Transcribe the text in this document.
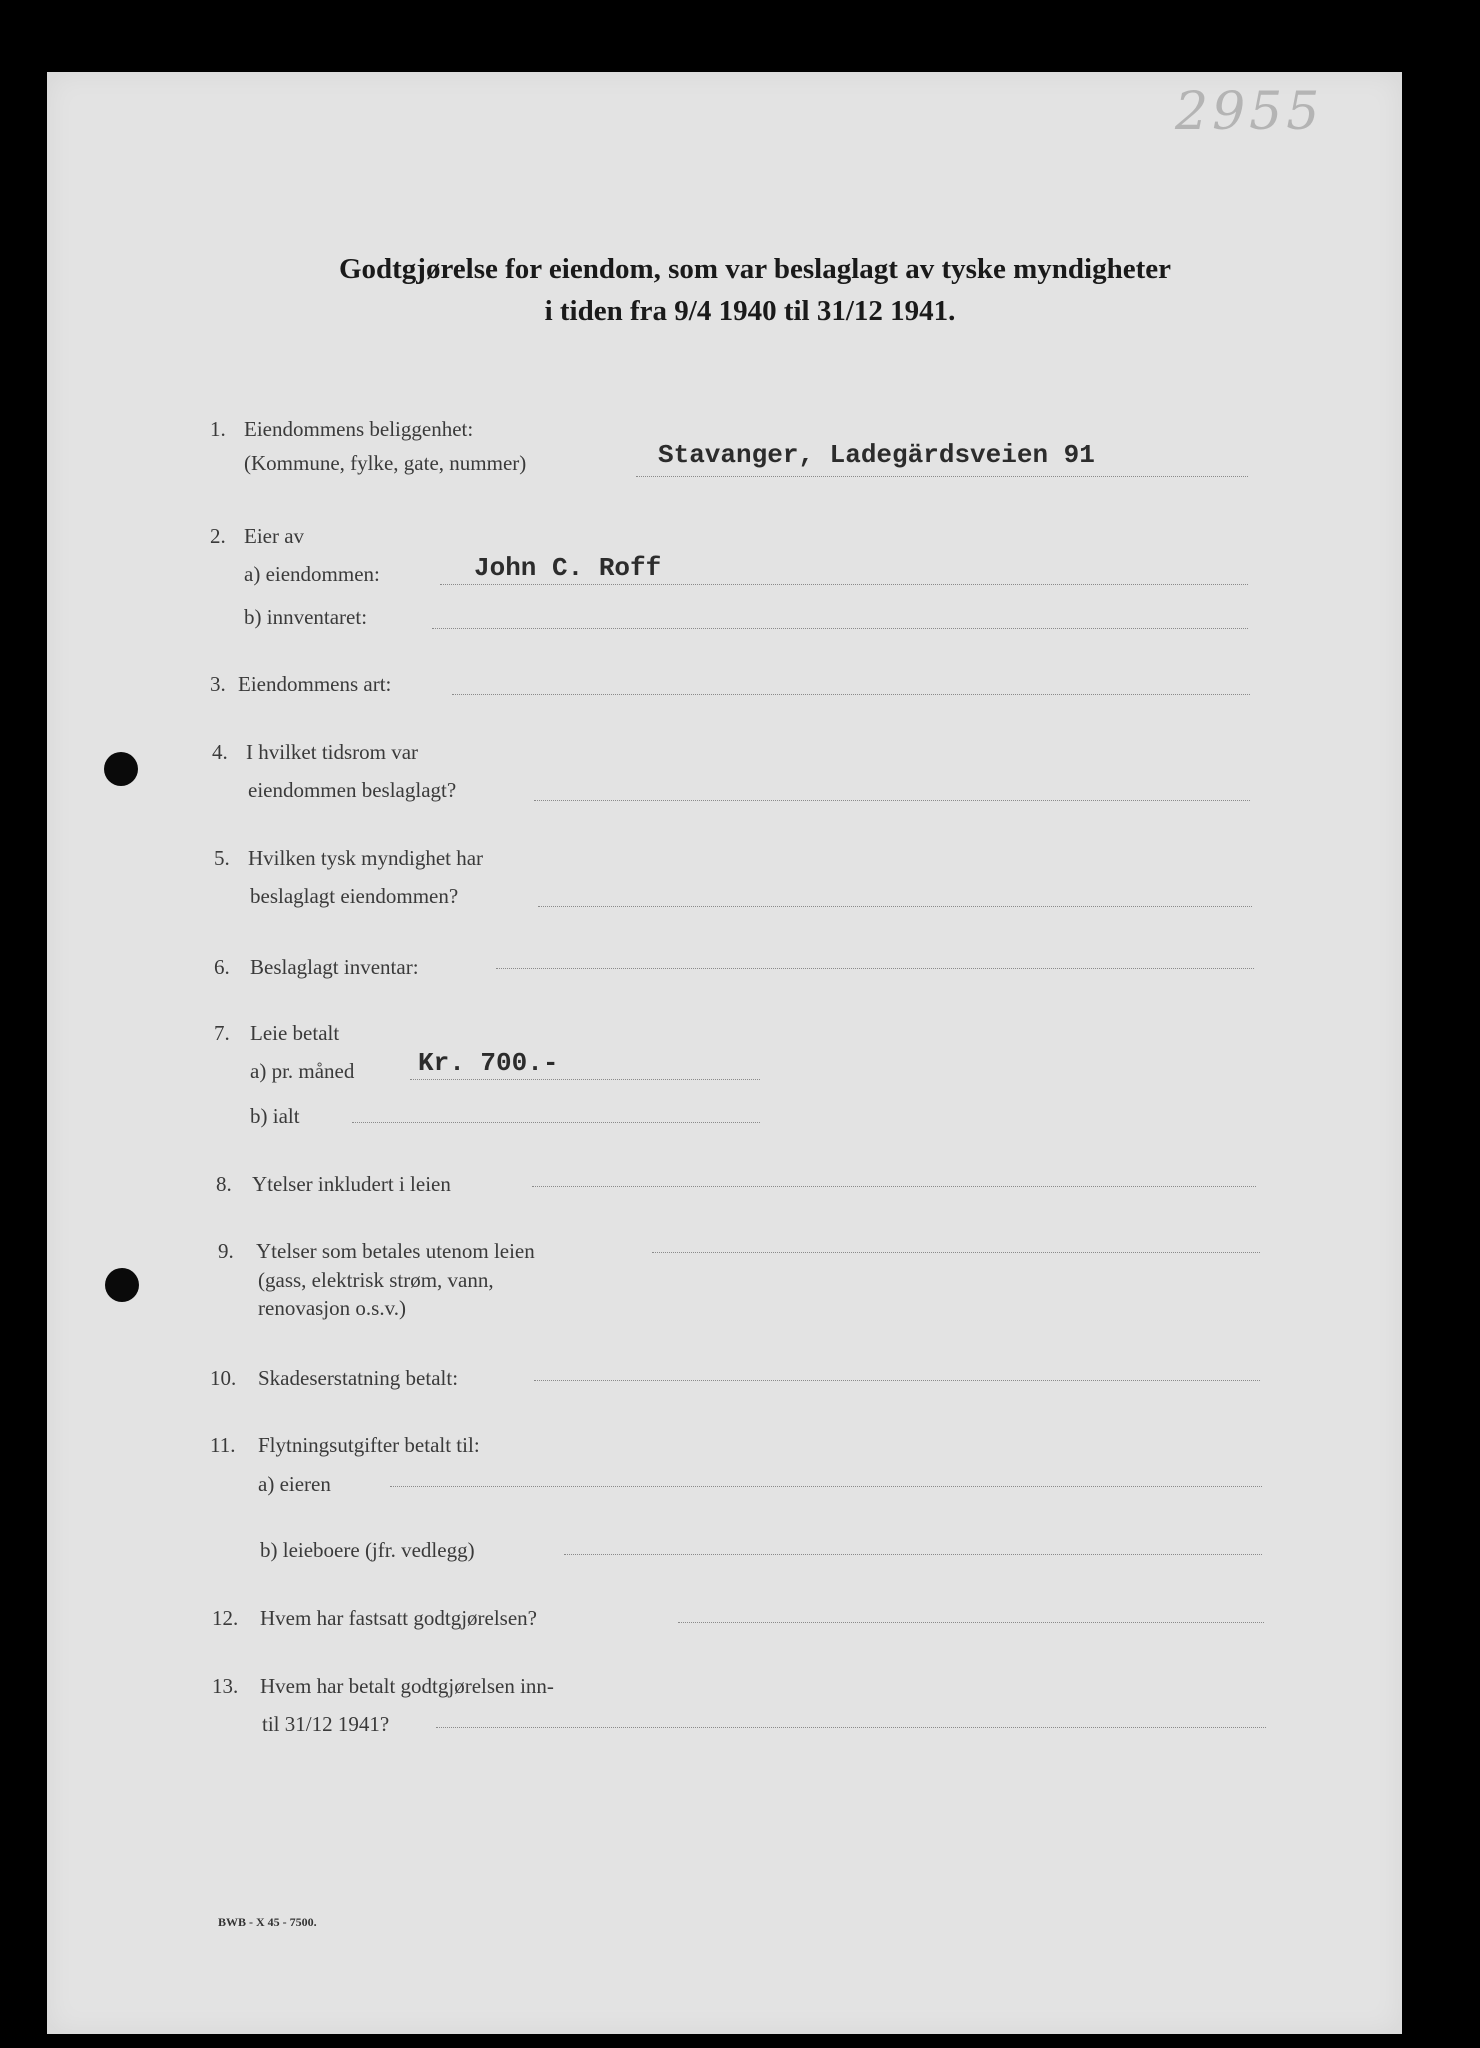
2955
Godtgjørelse for eiendom, som var beslaglagt av tyske myndigheter
i tiden fra 9/4 1940 til 31/12 1941.
1. Eiendommens beliggenhet:
(Kommune, fylke, gate, nummer)	Stavanger, Ladegärdsveien 91
2. Eier av
a) eiendommen:	John C. Roff
b) innventaret:
3. Eiendommens art:
4. I hvilket tidsrom var
eiendommen beslaglagt?
5. Hvilken tysk myndighet har
beslaglagt eiendommen?
6. Beslaglagt inventar:
7. Leie betalt
a) pr. måned Kr. 700.-
b) ialt
8. Ytelser inkludert i leien
9. Ytelser som betales utenom leien
(gass, elektrisk strøm, vann,
renovasjon o.s.v.)
10. Skadeserstatning betalt:
11. Flytningsutgifter betalt til:
a) eieren
b) leieboere (jfr. vedlegg)
12. Hvem har fastsatt godtgjørelsen?
13. Hvem har betalt godtgjørelsen inn-
til 31/12 1941?
BWB - X 45 - 7500.
